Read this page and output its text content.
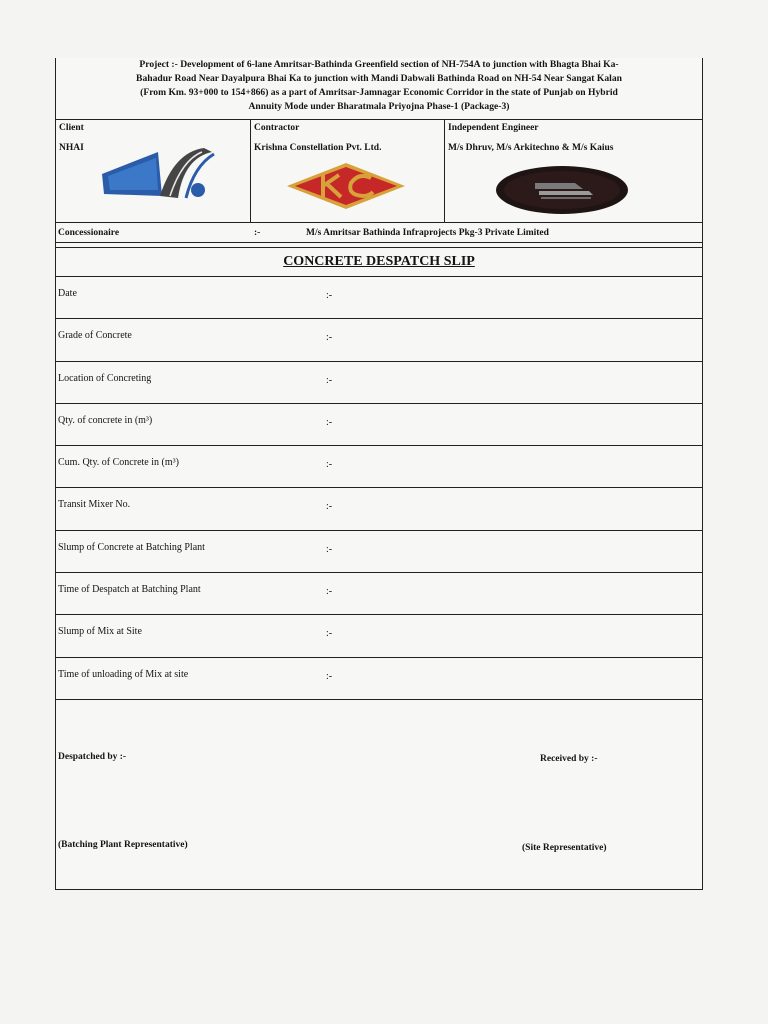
Project :- Development of 6-lane Amritsar-Bathinda Greenfield section of NH-754A to junction with Bhagta Bhai Ka-
Bahadur Road Near Dayalpura Bhai Ka to junction with Mandi Dabwali Bathinda Road on NH-54 Near Sangat Kalan
(From Km. 93+000 to 154+866) as a part of Amritsar-Jamnagar Economic Corridor in the state of Punjab on Hybrid
Annuity Mode under Bharatmala Priyojna Phase-1 (Package-3)
Client
NHAI
Contractor
Krishna Constellation Pvt. Ltd.
Independent Engineer
M/s Dhruv, M/s Arkitechno & M/s Kaius
Concessionaire	:-	M/s Amritsar Bathinda Infraprojects Pkg-3 Private Limited
CONCRETE DESPATCH SLIP
Date	:-
Grade of Concrete	:-
Location of Concreting	:-
Qty. of concrete in (m³)	:-
Cum. Qty. of Concrete in (m³)	:-
Transit Mixer No.	:-
Slump of Concrete at Batching Plant	:-
Time of Despatch at Batching Plant	:-
Slump of Mix at Site	:-
Time of unloading of Mix at site	:-
Despatched by :-	Received by :-
(Batching Plant Representative)	(Site Representative)
